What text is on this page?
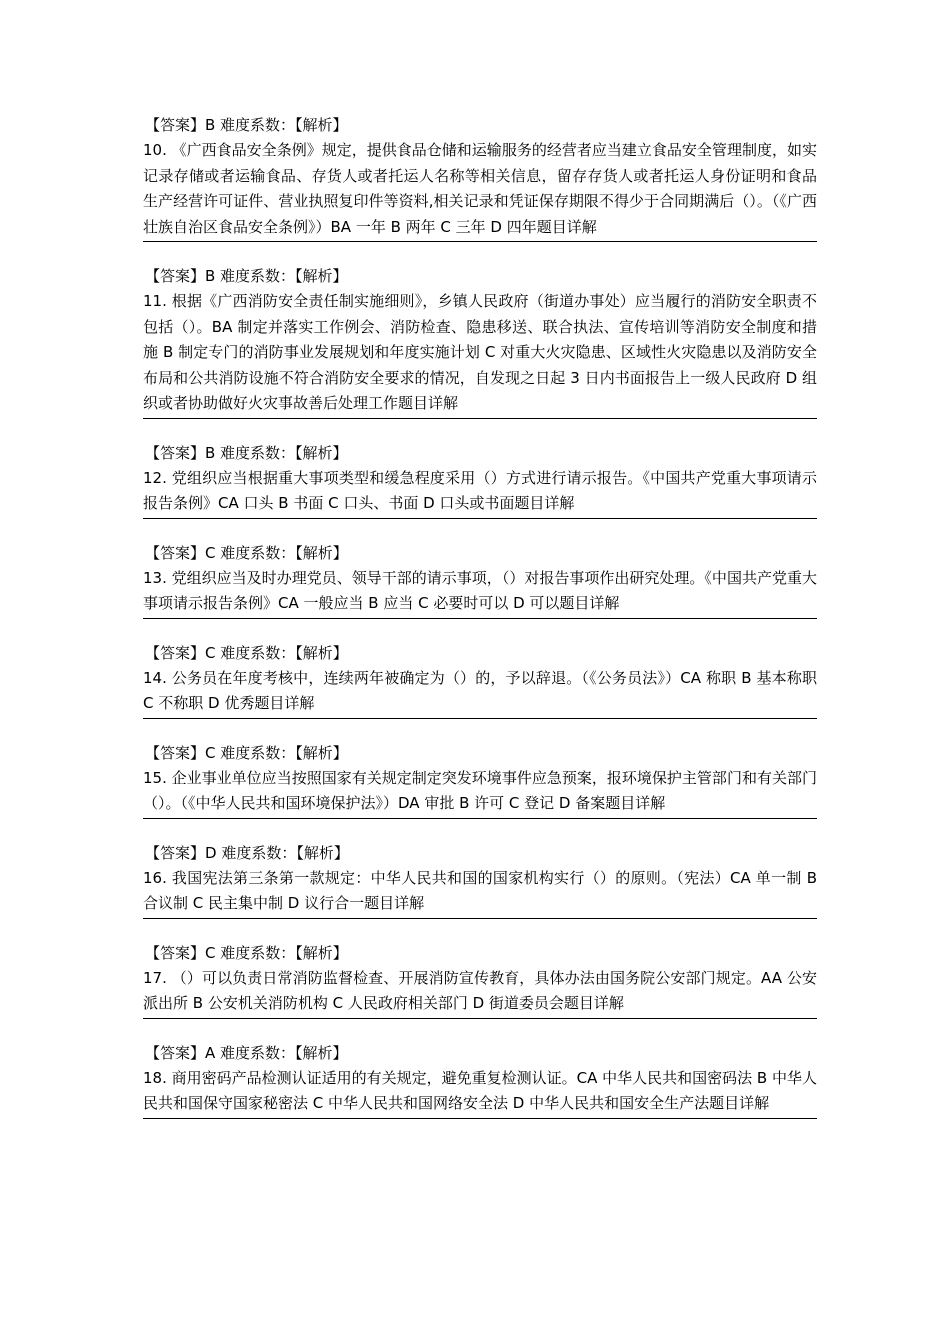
【答案】B 难度系数：【解析】
10. 《广西食品安全条例》规定，提供食品仓储和运输服务的经营者应当建立食品安全管理制度，如实记录存储或者运输食品、存货人或者托运人名称等相关信息，留存存货人或者托运人身份证明和食品生产经营许可证件、营业执照复印件等资料,相关记录和凭证保存期限不得少于合同期满后（）。（《广西壮族自治区食品安全条例》）BA 一年 B 两年 C 三年 D 四年题目详解
【答案】B 难度系数：【解析】
11. 根据《广西消防安全责任制实施细则》，乡镇人民政府（街道办事处）应当履行的消防安全职责不包括（）。BA 制定并落实工作例会、消防检查、隐患移送、联合执法、宣传培训等消防安全制度和措施 B 制定专门的消防事业发展规划和年度实施计划 C 对重大火灾隐患、区域性火灾隐患以及消防安全布局和公共消防设施不符合消防安全要求的情况，自发现之日起 3 日内书面报告上一级人民政府 D 组织或者协助做好火灾事故善后处理工作题目详解
【答案】B 难度系数：【解析】
12. 党组织应当根据重大事项类型和缓急程度采用（）方式进行请示报告。《中国共产党重大事项请示报告条例》CA 口头 B 书面 C 口头、书面 D 口头或书面题目详解
【答案】C 难度系数：【解析】
13. 党组织应当及时办理党员、领导干部的请示事项，（）对报告事项作出研究处理。《中国共产党重大事项请示报告条例》CA 一般应当 B 应当 C 必要时可以 D 可以题目详解
【答案】C 难度系数：【解析】
14. 公务员在年度考核中，连续两年被确定为（）的，予以辞退。（《公务员法》）CA 称职 B 基本称职 C 不称职 D 优秀题目详解
【答案】C 难度系数：【解析】
15. 企业事业单位应当按照国家有关规定制定突发环境事件应急预案，报环境保护主管部门和有关部门（）。（《中华人民共和国环境保护法》）DA 审批 B 许可 C 登记 D 备案题目详解
【答案】D 难度系数：【解析】
16. 我国宪法第三条第一款规定：中华人民共和国的国家机构实行（）的原则。（宪法）CA 单一制 B 合议制 C 民主集中制 D 议行合一题目详解
【答案】C 难度系数：【解析】
17. （）可以负责日常消防监督检查、开展消防宣传教育，具体办法由国务院公安部门规定。AA 公安派出所 B 公安机关消防机构 C 人民政府相关部门 D 街道委员会题目详解
【答案】A 难度系数：【解析】
18. 商用密码产品检测认证适用的有关规定，避免重复检测认证。CA 中华人民共和国密码法 B 中华人民共和国保守国家秘密法 C 中华人民共和国网络安全法 D 中华人民共和国安全生产法题目详解
